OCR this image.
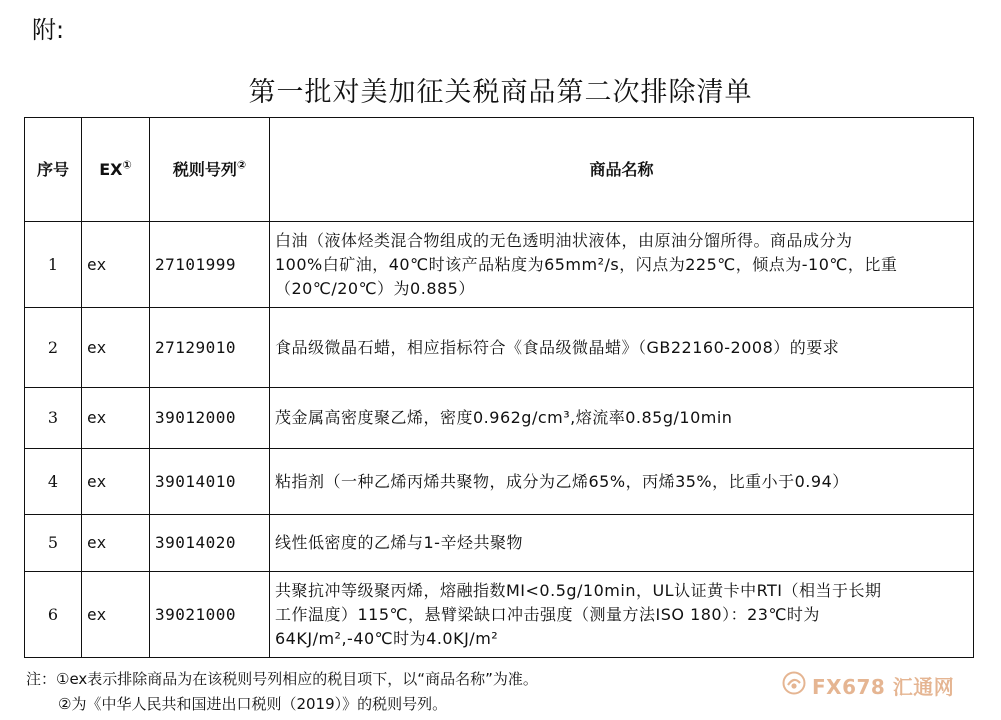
附:
第一批对美加征关税商品第二次排除清单
序号	EX①	税则号列②	商品名称
1	ex	27101999	白油（液体烃类混合物组成的无色透明油状液体，由原油分馏所得。商品成分为
100%白矿油，40℃时该产品粘度为65mm²/s，闪点为225℃，倾点为-10℃，比重
（20℃/20℃）为0.885）

2	ex	27129010	食品级微晶石蜡，相应指标符合《食品级微晶蜡》（GB22160-2008）的要求

3	ex	39012000	茂金属高密度聚乙烯，密度0.962g/cm³,熔流率0.85g/10min

4	ex	39014010	粘指剂（一种乙烯丙烯共聚物，成分为乙烯65%，丙烯35%，比重小于0.94）

5	ex	39014020	线性低密度的乙烯与1-辛烃共聚物

6	ex	39021000	共聚抗冲等级聚丙烯，熔融指数MI<0.5g/10min，UL认证黄卡中RTI（相当于长期
工作温度）115℃，悬臂梁缺口冲击强度（测量方法ISO 180）：23℃时为
64KJ/m²,-40℃时为4.0KJ/m²
注：①ex表示排除商品为在该税则号列相应的税目项下，以“商品名称”为准。
②为《中华人民共和国进出口税则（2019）》的税则号列。
FX678 汇通网
